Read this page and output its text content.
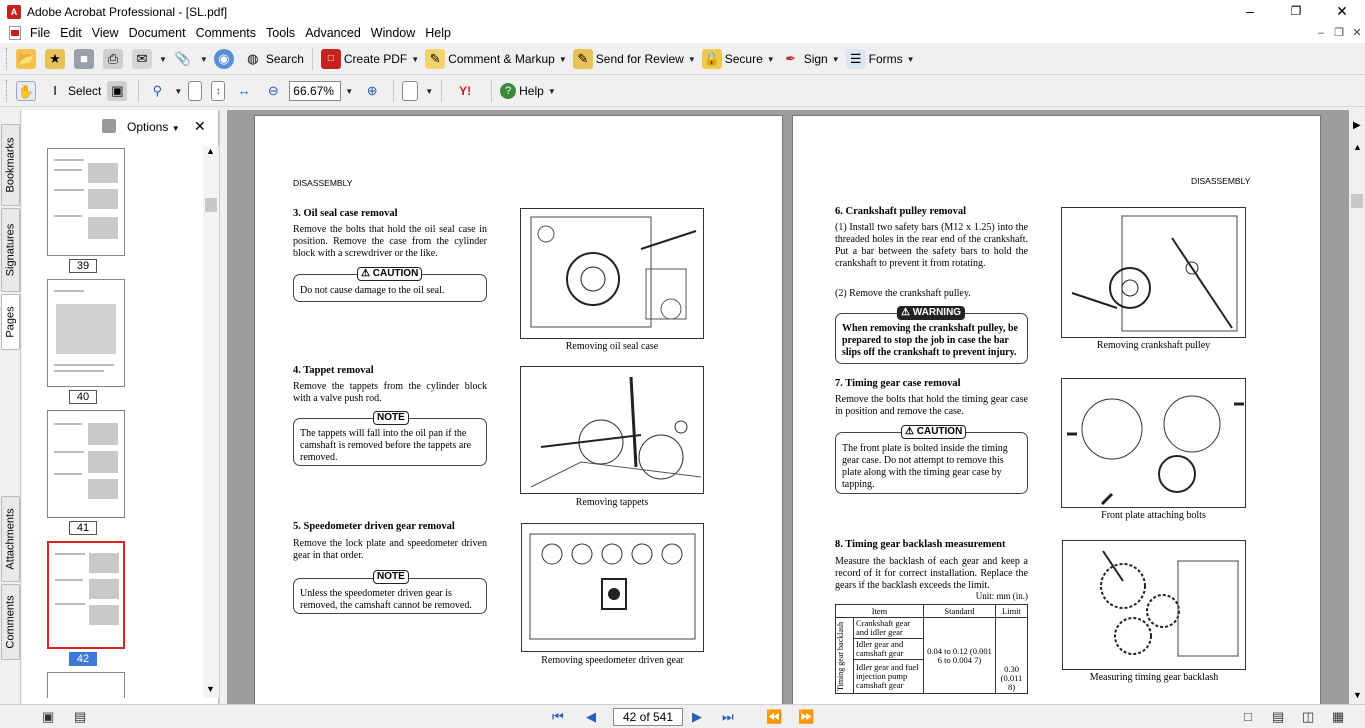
A Adobe Acrobat Professional - [SL.pdf]	–	❐	✕
File Edit View Document Comments Tools Advanced Window Help	– ❐ ✕
📂	★	■	⎙	✉	▼ 📎 ▼ ◉	◍ Search	□ Create PDF ▼ ✎ Comment & Markup ▼ ✎ Send for Review ▼ 🔒 Secure ▼ ✒ Sign ▼ ☰ Forms ▼
✋	I Select ▣	⚲	▼	↕	↔	⊖	66.67%	▼	⊕	▼	Y!	? Help ▼
Bookmarks
Signatures
Pages
Attachments
Comments
Options ▼ ✕
39
40
41
42
▲
▼
DISASSEMBLY
3. Oil seal case removal
Remove the bolts that hold the oil seal case in position. Remove the case from the cylinder block with a screwdriver or the like.
Do not cause damage to the oil seal.
⚠ CAUTION
Removing oil seal case
4. Tappet removal
Remove the tappets from the cylinder block with a valve push rod.
The tappets will fall into the oil pan if the camshaft is removed before the tappets are removed.
NOTE
Removing tappets
5. Speedometer driven gear removal
Remove the lock plate and speedometer driven gear in that order.
Unless the speedometer driven gear is removed, the camshaft cannot be removed.
NOTE
Removing speedometer driven gear
DISASSEMBLY
6. Crankshaft pulley removal
(1) Install two safety bars (M12 x 1.25) into the threaded holes in the rear end of the crankshaft. Put a bar between the safety bars to hold the crankshaft to prevent it from rotating.
(2) Remove the crankshaft pulley.
When removing the crankshaft pulley, be prepared to stop the job in case the bar slips off the crankshaft to prevent injury.
⚠ WARNING
Removing crankshaft pulley
7. Timing gear case removal
Remove the bolts that hold the timing gear case in position and remove the case.
The front plate is bolted inside the timing gear case. Do not attempt to remove this plate along with the timing gear case by tapping.
⚠ CAUTION
Front plate attaching bolts
8. Timing gear backlash measurement
Measure the backlash of each gear and keep a record of it for correct installation. Replace the gears if the backlash exceeds the limit.
Unit: mm (in.)
Item		Standard	Limit

Timing gear backlash	Crankshaft gear and idler gear	0.04 to 0.12 (0.001 6 to 0.004 7)	0.30 (0.011 8)
	Idler gear and camshaft gear		
	Idler gear and fuel injection pump camshaft gear		
Measuring timing gear backlash
▶
▲
▼
▣ ▤	⏮ ◀	42 of 541	▶ ⏭ ⏪ ⏩	□ ▤ ◫ ▦
